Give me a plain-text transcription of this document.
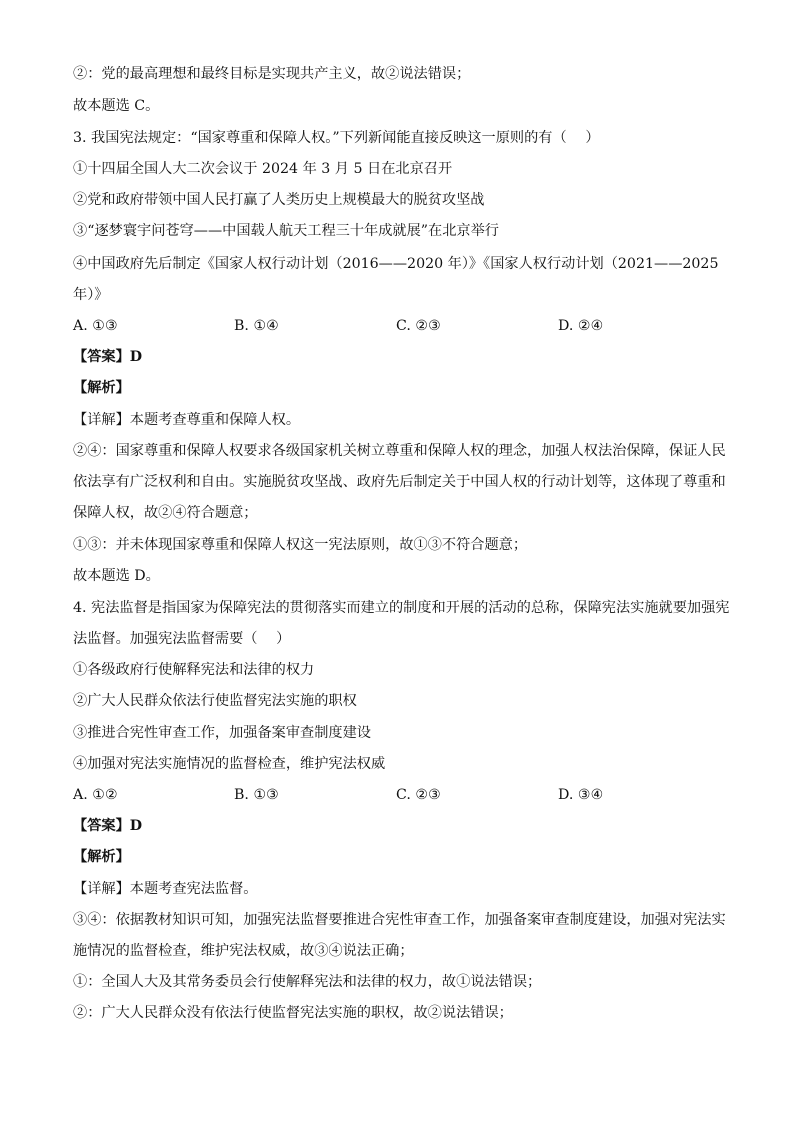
②：党的最高理想和最终目标是实现共产主义，故②说法错误；
故本题选 C。
3. 我国宪法规定：“国家尊重和保障人权。”下列新闻能直接反映这一原则的有（　 ）
①十四届全国人大二次会议于 2024 年 3 月 5 日在北京召开
②党和政府带领中国人民打赢了人类历史上规模最大的脱贫攻坚战
③“逐梦寰宇问苍穹——中国载人航天工程三十年成就展”在北京举行
④中国政府先后制定《国家人权行动计划（2016——2020 年）》《国家人权行动计划（2021——2025
年）》
A. ①③	B. ①④	C. ②③	D. ②④
【答案】D
【解析】
【详解】本题考查尊重和保障人权。
②④：国家尊重和保障人权要求各级国家机关树立尊重和保障人权的理念，加强人权法治保障，保证人民
依法享有广泛权利和自由。实施脱贫攻坚战、政府先后制定关于中国人权的行动计划等，这体现了尊重和
保障人权，故②④符合题意；
①③：并未体现国家尊重和保障人权这一宪法原则，故①③不符合题意；
故本题选 D。
4. 宪法监督是指国家为保障宪法的贯彻落实而建立的制度和开展的活动的总称，保障宪法实施就要加强宪
法监督。加强宪法监督需要（　 ）
①各级政府行使解释宪法和法律的权力
②广大人民群众依法行使监督宪法实施的职权
③推进合宪性审查工作，加强备案审查制度建设
④加强对宪法实施情况的监督检查，维护宪法权威
A. ①②	B. ①③	C. ②③	D. ③④
【答案】D
【解析】
【详解】本题考查宪法监督。
③④：依据教材知识可知，加强宪法监督要推进合宪性审查工作，加强备案审查制度建设，加强对宪法实
施情况的监督检查，维护宪法权威，故③④说法正确；
①：全国人大及其常务委员会行使解释宪法和法律的权力，故①说法错误；
②：广大人民群众没有依法行使监督宪法实施的职权，故②说法错误；
